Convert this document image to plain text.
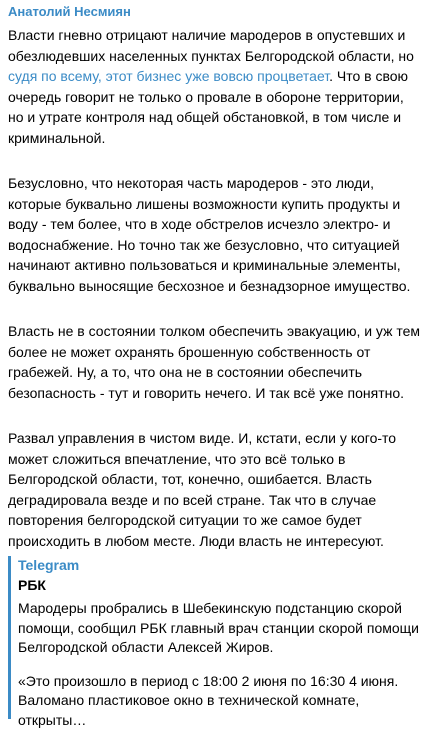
Анатолий Несмиян

Власти гневно отрицают наличие мародеров в опустевших и обезлюдевших населенных пунктах Белгородской области, но судя по всему, этот бизнес уже вовсю процветает. Что в свою очередь говорит не только о провале в обороне территории, но и утрате контроля над общей обстановкой, в том числе и криминальной.

Безусловно, что некоторая часть мародеров - это люди, которые буквально лишены возможности купить продукты и воду - тем более, что в ходе обстрелов исчезло электро- и водоснабжение. Но точно так же безусловно, что ситуацией начинают активно пользоваться и криминальные элементы, буквально выносящие бесхозное и безнадзорное имущество.

Власть не в состоянии толком обеспечить эвакуацию, и уж тем более не может охранять брошенную собственность от грабежей. Ну, а то, что она не в состоянии обеспечить безопасность - тут и говорить нечего. И так всё уже понятно.

Развал управления в чистом виде. И, кстати, если у кого-то может сложиться впечатление, что это всё только в Белгородской области, тот, конечно, ошибается. Власть деградировала везде и по всей стране. Так что в случае повторения белгородской ситуации то же самое будет происходить в любом месте. Люди власть не интересуют.

Telegram
РБК

Мародеры пробрались в Шебекинскую подстанцию скорой помощи, сообщил РБК главный врач станции скорой помощи Белгородской области Алексей Жиров.

«Это произошло в период с 18:00 2 июня по 16:30 4 июня. Валомано пластиковое окно в технической комнате, открыты…
